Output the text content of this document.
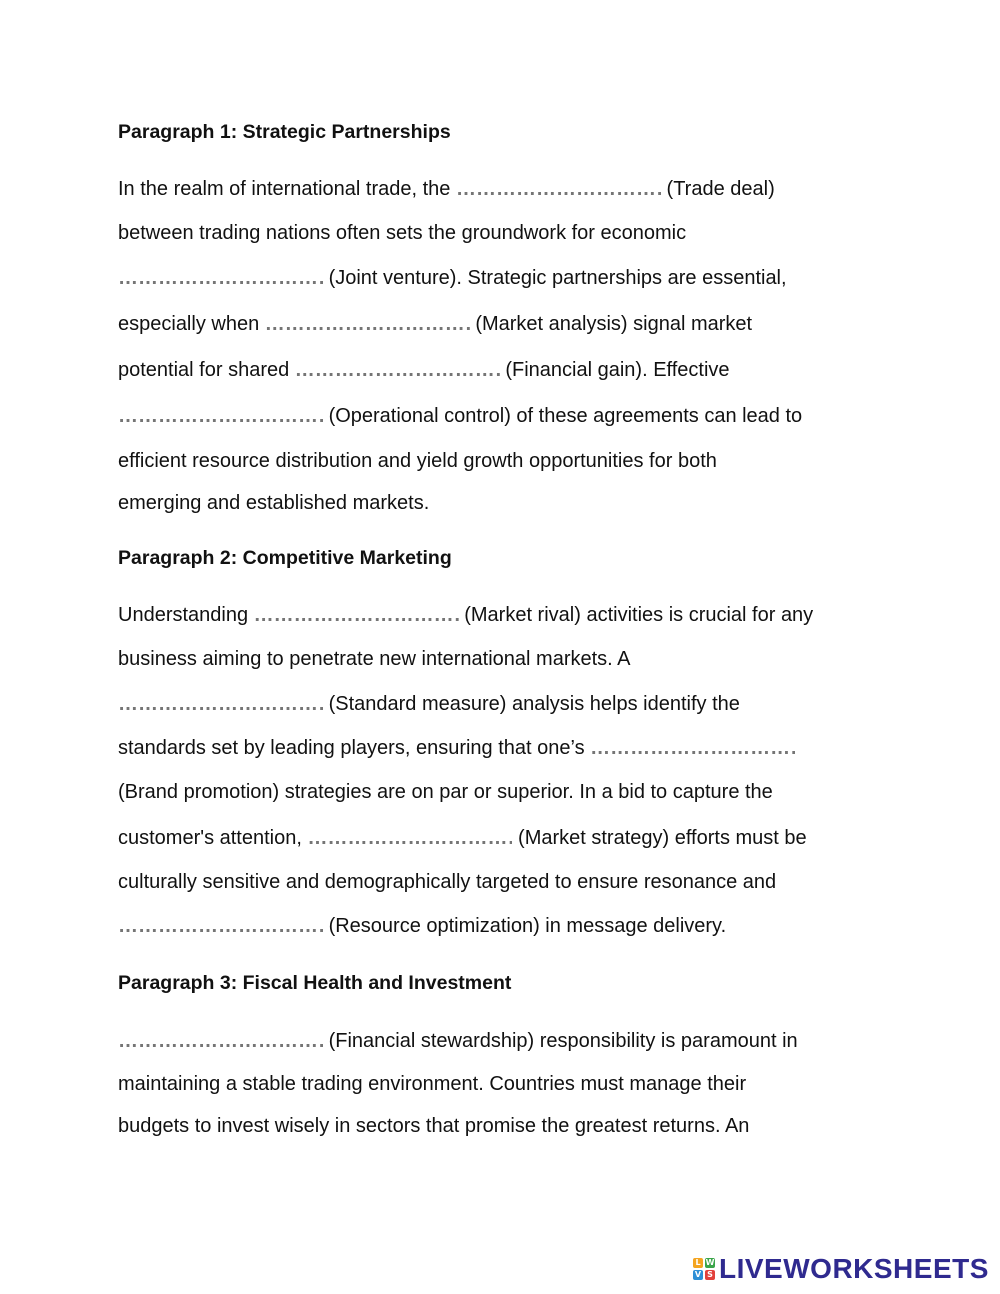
Paragraph 1: Strategic Partnerships
In the realm of international trade, the ……………………………	(Trade deal)
between trading nations often sets the groundwork for economic
…………………………… (Joint venture). Strategic partnerships are essential,
especially when ……………………………	(Market analysis) signal market
potential for shared ……………………………	(Financial gain). Effective
…………………………… (Operational control) of these agreements can lead to
efficient resource distribution and yield growth opportunities for both
emerging and established markets.
Paragraph 2: Competitive Marketing
Understanding ……………………………	(Market rival) activities is crucial for any
business aiming to penetrate new international markets. A
…………………………… (Standard measure) analysis helps identify the
standards set by leading players, ensuring that one’s ……………………………
(Brand promotion) strategies are on par or superior. In a bid to capture the
customer's attention, ……………………………	(Market strategy) efforts must be
culturally sensitive and demographically targeted to ensure resonance and
…………………………… (Resource optimization) in message delivery.
Paragraph 3: Fiscal Health and Investment
…………………………… (Financial stewardship) responsibility is paramount in
maintaining a stable trading environment. Countries must manage their
budgets to invest wisely in sectors that promise the greatest returns. An
L W
V S LIVEWORKSHEETS
